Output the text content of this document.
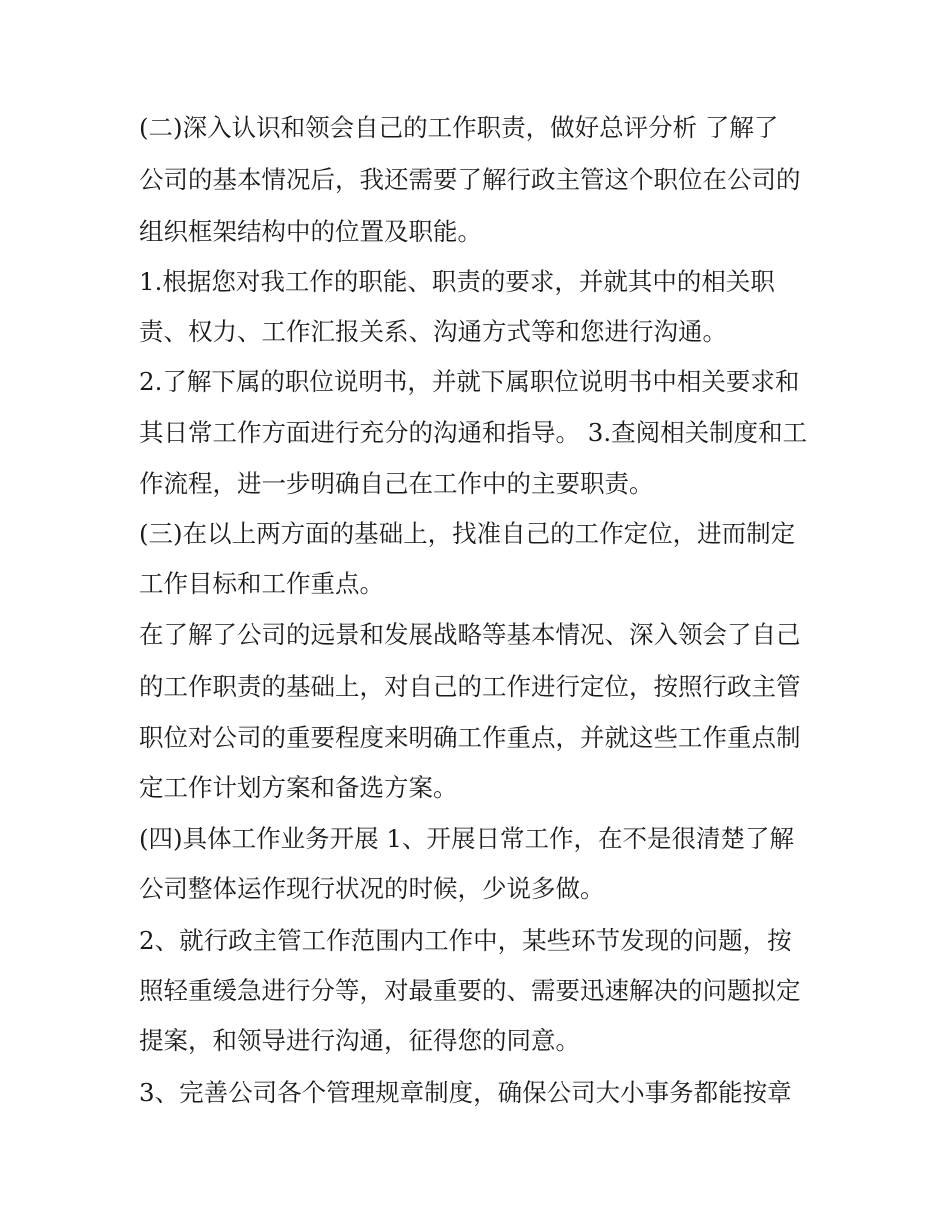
(二)深入认识和领会自己的工作职责，做好总评分析 了解了
公司的基本情况后，我还需要了解行政主管这个职位在公司的
组织框架结构中的位置及职能。
1.根据您对我工作的职能、职责的要求，并就其中的相关职
责、权力、工作汇报关系、沟通方式等和您进行沟通。
2.了解下属的职位说明书，并就下属职位说明书中相关要求和
其日常工作方面进行充分的沟通和指导。 3.查阅相关制度和工
作流程，进一步明确自己在工作中的主要职责。
(三)在以上两方面的基础上，找准自己的工作定位，进而制定
工作目标和工作重点。
在了解了公司的远景和发展战略等基本情况、深入领会了自己
的工作职责的基础上，对自己的工作进行定位，按照行政主管
职位对公司的重要程度来明确工作重点，并就这些工作重点制
定工作计划方案和备选方案。
(四)具体工作业务开展 1、开展日常工作，在不是很清楚了解
公司整体运作现行状况的时候，少说多做。
2、就行政主管工作范围内工作中，某些环节发现的问题，按
照轻重缓急进行分等，对最重要的、需要迅速解决的问题拟定
提案，和领导进行沟通，征得您的同意。
3、完善公司各个管理规章制度，确保公司大小事务都能按章
